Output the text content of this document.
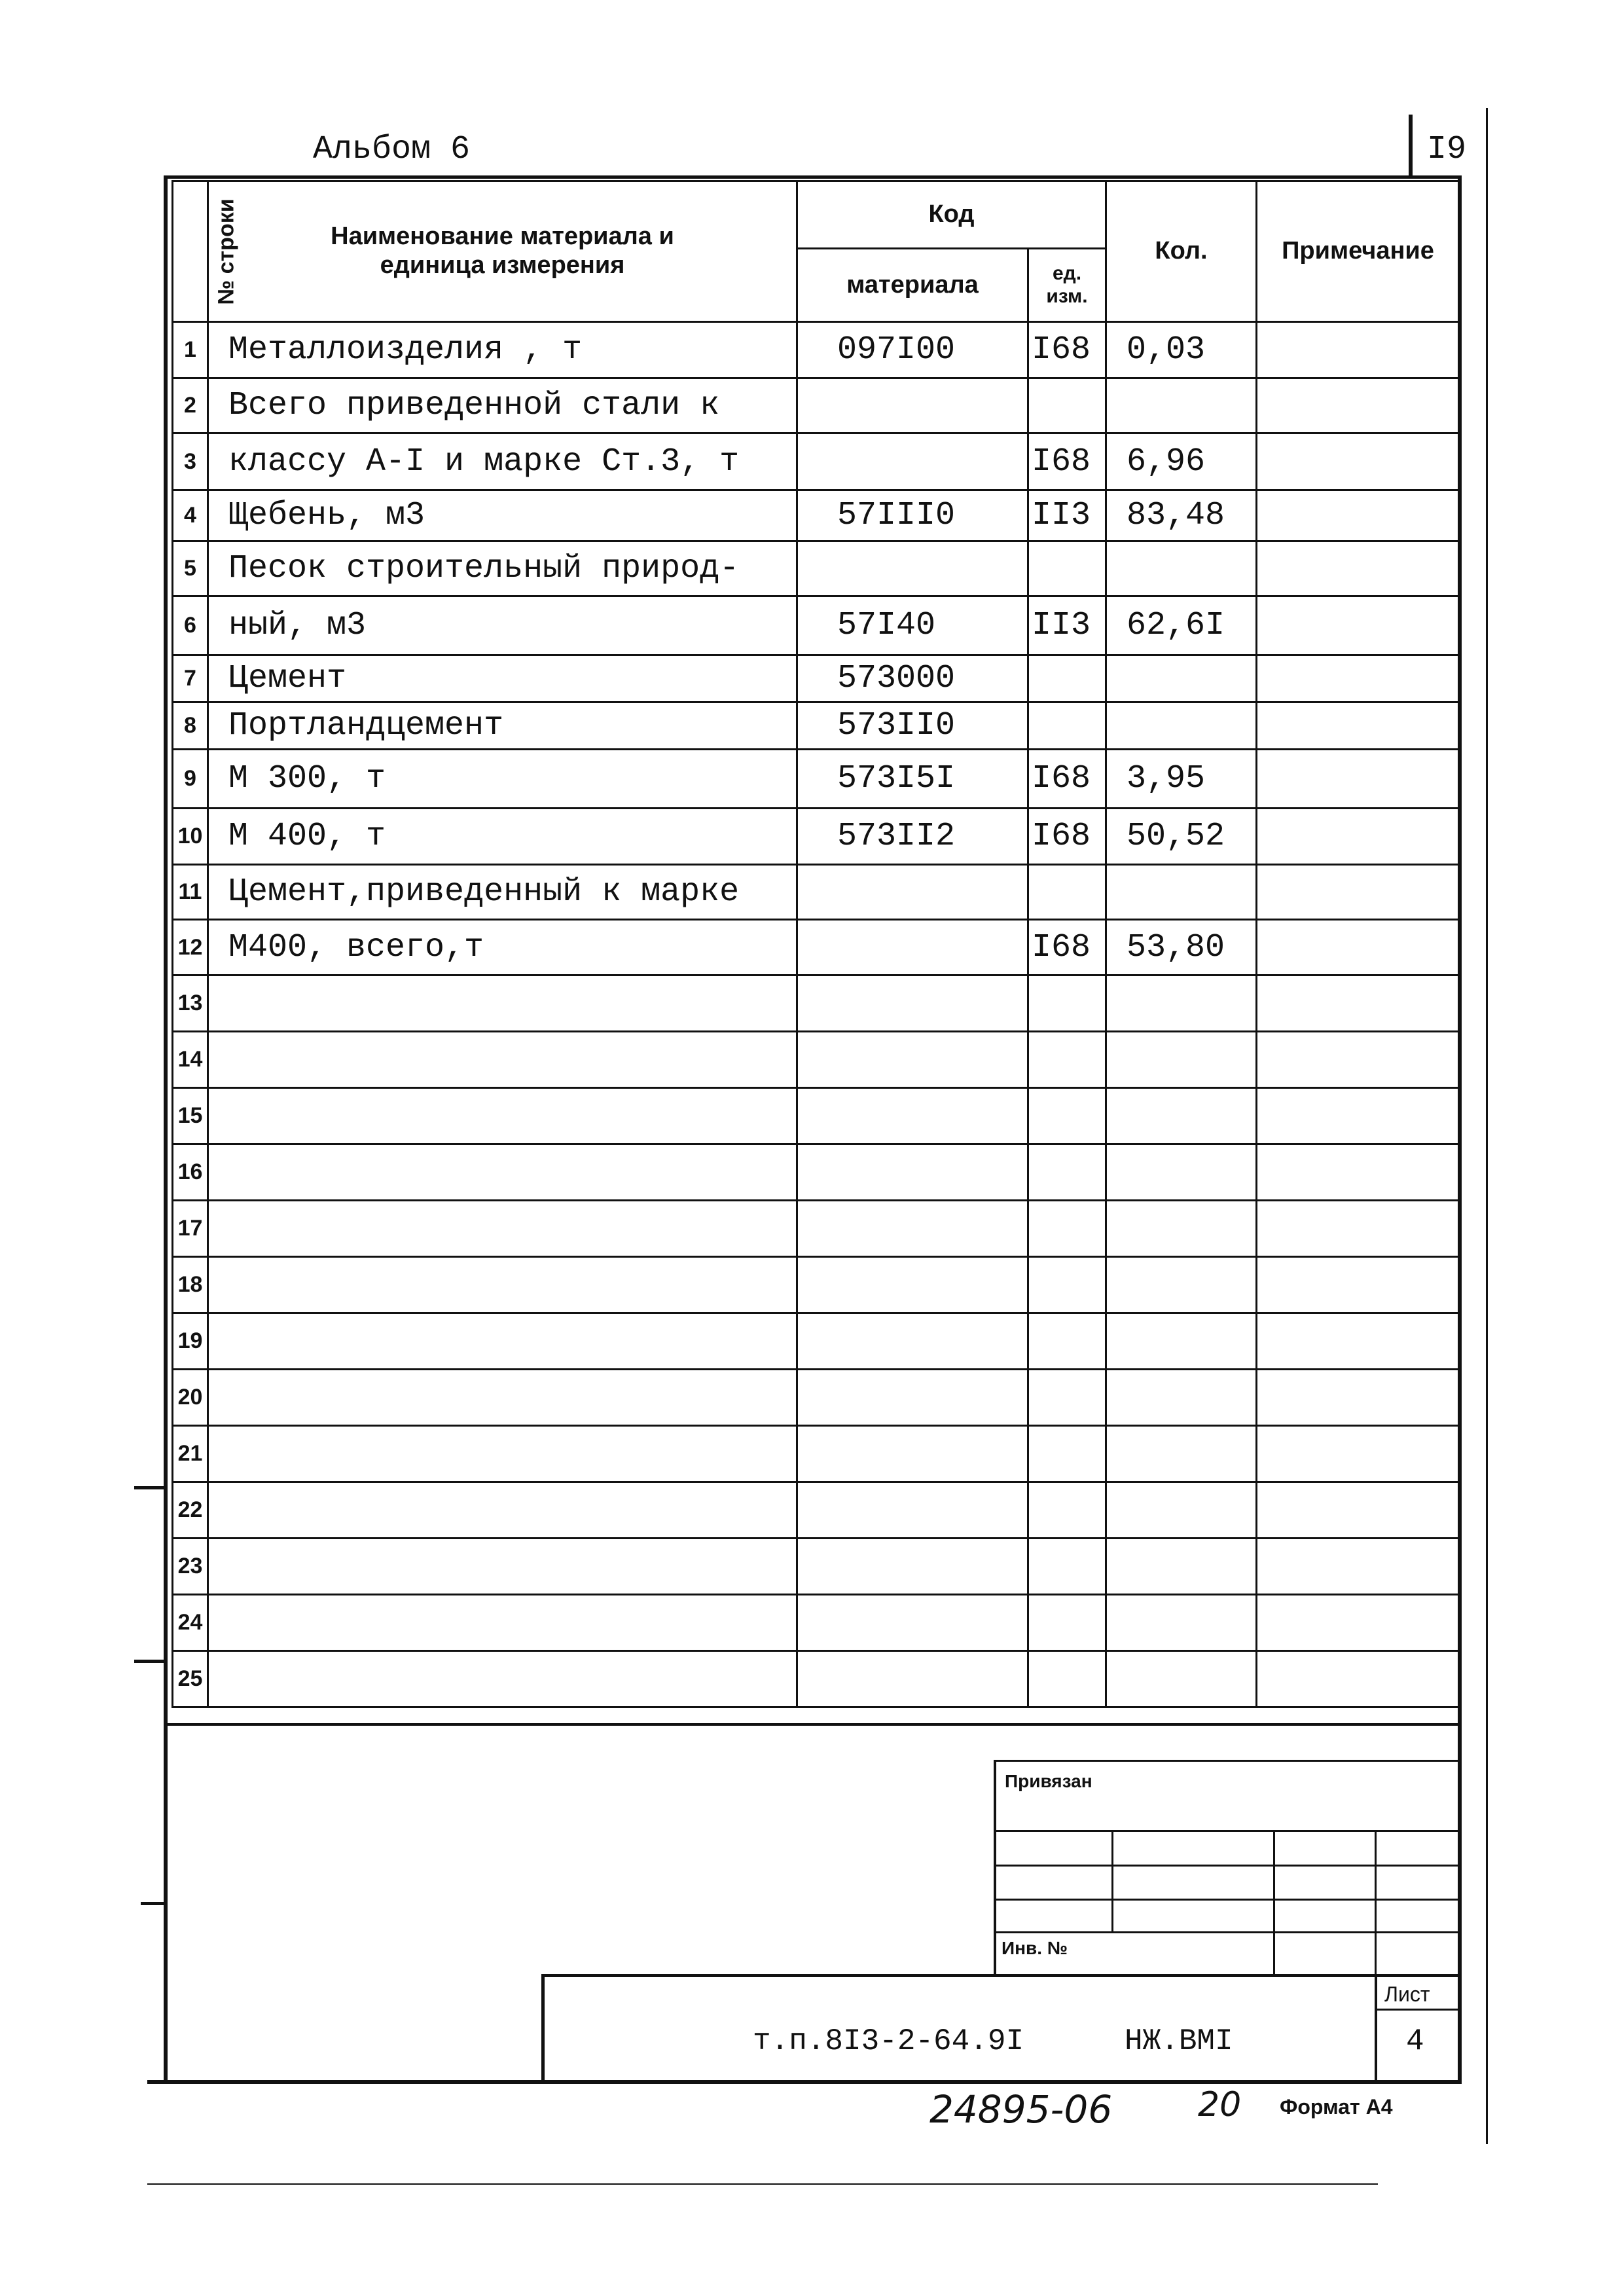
Альбом 6	I9
№ строки	Наименование материала и единица измерения	Код		Кол.	Примечание
		материала	ед. изм.		

1	Металлоизделия , т	097I00	I68	0,03	
2	Всего приведенной стали к				
3	классу А-I и марке Ст.3, т		I68	6,96	
4	Щебень, м3	57III0	II3	83,48	
5	Песок строительный природ-				
6	ный, м3	57I40	II3	62,6I	
7	Цемент	573000			
8	Портландцемент	573II0			
9	М 300, т	573I5I	I68	3,95	
10	М 400, т	573II2	I68	50,52	
11	Цемент,приведенный к марке				
12	М400, всего,т		I68	53,80	
13					
14					
15					
16					
17					
18					
19					
20					
21					
22					
23					
24					
25					
Привязан
Инв. №
Лист
4
т.п.8I3-2-64.9I	НЖ.ВМI
24895-06	20 Формат А4
